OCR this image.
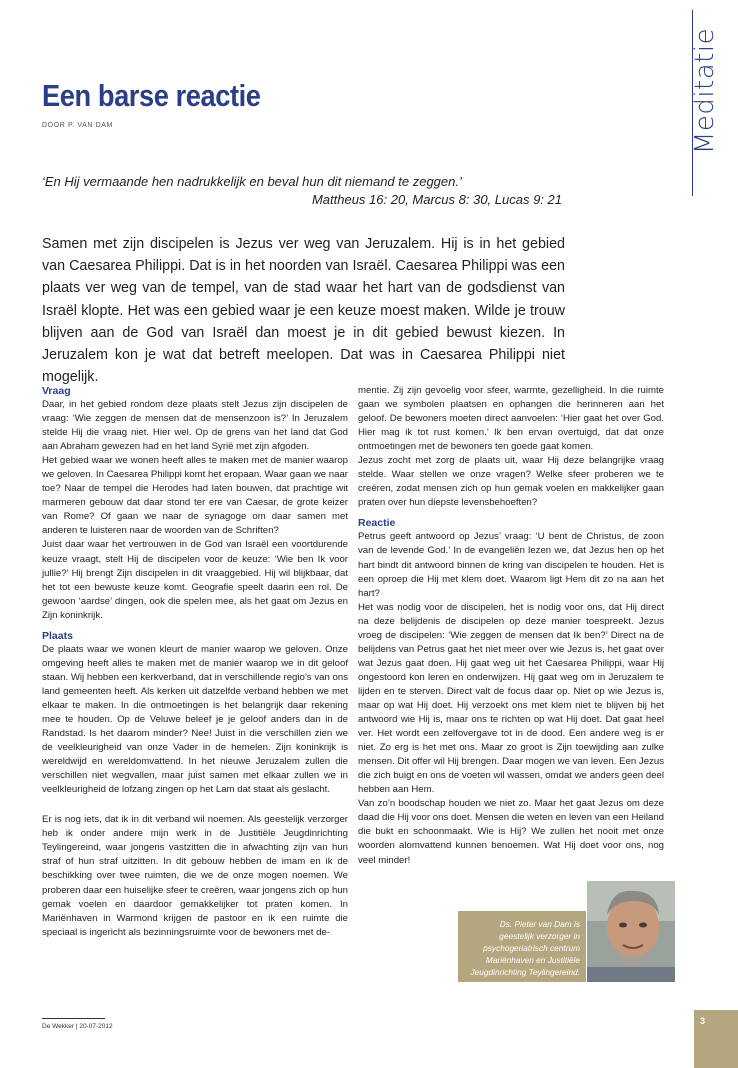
Meditatie
Een barse reactie
DOOR P. VAN DAM
‘En Hij vermaande hen nadrukkelijk en beval hun dit niemand te zeggen.’
Mattheus 16: 20, Marcus 8: 30, Lucas 9: 21
Samen met zijn discipelen is Jezus ver weg van Jeruzalem. Hij is in het gebied van Caesarea Philippi. Dat is in het noorden van Israël. Caesarea Philippi was een plaats ver weg van de tempel, van de stad waar het hart van de godsdienst van Israël klopte. Het was een gebied waar je een keuze moest maken. Wilde je trouw blijven aan de God van Israël dan moest je in dit gebied bewust kiezen. In Jeruzalem kon je wat dat betreft meelopen. Dat was in Caesarea Philippi niet mogelijk.
Vraag

Daar, in het gebied rondom deze plaats stelt Jezus zijn discipelen de vraag: ‘Wie zeggen de mensen dat de mensenzoon is?’ In Jeruzalem stelde Hij die vraag niet. Hier wel. Op de grens van het land dat God aan Abraham gewezen had en het land Syrië met zijn afgoden.

Het gebied waar we wonen heeft alles te maken met de manier waarop we geloven. In Caesarea Philippi komt het eropaan. Waar gaan we naar toe? Naar de tempel die Herodes had laten bouwen, dat prachtige wit marmeren gebouw dat daar stond ter ere van Caesar, de grote keizer van Rome? Of gaan we naar de synagoge om daar samen met anderen te luisteren naar de woorden van de Schriften?

Juist daar waar het vertrouwen in de God van Israël een voortdurende keuze vraagt, stelt Hij de discipelen voor de keuze: ‘Wie ben Ik voor jullie?’ Hij brengt Zijn discipelen in dit vraaggebied. Hij wil blijkbaar, dat het tot een bewuste keuze komt. Geografie speelt daarin een rol. De gewoon ‘aardse’ dingen, ook die spelen mee, als het gaat om Jezus en Zijn koninkrijk.

Plaats

De plaats waar we wonen kleurt de manier waarop we geloven. Onze omgeving heeft alles te maken met de manier waarop we in dit geloof staan. Wij hebben een kerkverband, dat in verschillende regio’s van ons land gemeenten heeft. Als kerken uit datzelfde verband hebben we met elkaar te maken. In die ontmoetingen is het belangrijk daar rekening mee te houden. Op de Veluwe beleef je je geloof anders dan in de Randstad. Is het daarom minder? Nee! Juist in die verschillen zien we de veelkleurigheid van onze Vader in de hemelen. Zijn koninkrijk is wereldwijd en wereldomvattend. In het nieuwe Jeruzalem zullen die verschillen niet wegvallen, maar juist samen met elkaar zullen we in veelkleurigheid de lofzang zingen op het Lam dat staat als geslacht.

Er is nog iets, dat ik in dit verband wil noemen. Als geestelijk verzorger heb ik onder andere mijn werk in de Justitiële Jeugdinrichting Teylingereind, waar jongens vastzitten die in afwachting zijn van hun straf of hun straf uitzitten. In dit gebouw hebben de imam en ik de beschikking over twee ruimten, die we de onze mogen noemen. We proberen daar een huiselijke sfeer te creëren, waar jongens zich op hun gemak voelen en daardoor gemakkelijker tot praten komen. In Mariënhaven in Warmond krijgen de pastoor en ik een ruimte die speciaal is ingericht als bezinningsruimte voor de bewoners met de-

mentie. Zij zijn gevoelig voor sfeer, warmte, gezelligheid. In die ruimte gaan we symbolen plaatsen en ophangen die herinneren aan het geloof. De bewoners moeten direct aanvoelen: ‘Hier gaat het over God. Hier mag ik tot rust komen.’ Ik ben ervan overtuigd, dat dat onze ontmoetingen met de bewoners ten goede gaat komen.

Jezus zocht met zorg de plaats uit, waar Hij deze belangrijke vraag stelde. Waar stellen we onze vragen? Welke sfeer proberen we te creëren, zodat mensen zich op hun gemak voelen en makkelijker gaan praten over hun diepste levensbehoeften?

Reactie

Petrus geeft antwoord op Jezus’ vraag: ‘U bent de Christus, de zoon van de levende God.’ In de evangeliën lezen we, dat Jezus hen op het hart bindt dit antwoord binnen de kring van discipelen te houden. Het is een oproep die Hij met klem doet. Waarom ligt Hem dit zo na aan het hart?

Het was nodig voor de discipelen, het is nodig voor ons, dat Hij direct na deze belijdenis de discipelen op deze manier toespreekt. Jezus vroeg de discipelen: ‘Wie zeggen de mensen dat Ik ben?’ Direct na de belijdens van Petrus gaat het niet meer over wie Jezus is, het gaat over wat Jezus gaat doen. Hij gaat weg uit het Caesarea Philippi, waar Hij ongestoord kon leren en onderwijzen. Hij gaat weg om in Jeruzalem te lijden en te sterven. Direct valt de focus daar op. Niet op wie Jezus is, maar op wat Hij doet. Hij verzoekt ons met klem niet te blijven bij het antwoord wie Hij is, maar ons te richten op wat Hij doet. Dat gaat heel ver. Het wordt een zelfovergave tot in de dood. Een andere weg is er niet. Zo erg is het met ons. Maar zo groot is Zijn toewijding aan zulke mensen. Dit offer wil Hij brengen. Daar mogen we van leven. Een Jezus die zich buigt en ons de voeten wil wassen, omdat we anders geen deel hebben aan Hem.

Van zo’n boodschap houden we niet zo. Maar het gaat Jezus om deze daad die Hij voor ons doet. Mensen die weten en leven van een Heiland die bukt en schoonmaakt. Wie is Hij? We zullen het nooit met onze woorden alomvattend kunnen benoemen. Wat Hij doet voor ons, nog veel minder!

Ds. Pieter van Dam is
geestelijk verzorger in
psychogeriatrisch centrum
Mariënhaven en Justitiële
Jeugdinrichting Teylingereind.
De Wekker | 20-07-2012
3
